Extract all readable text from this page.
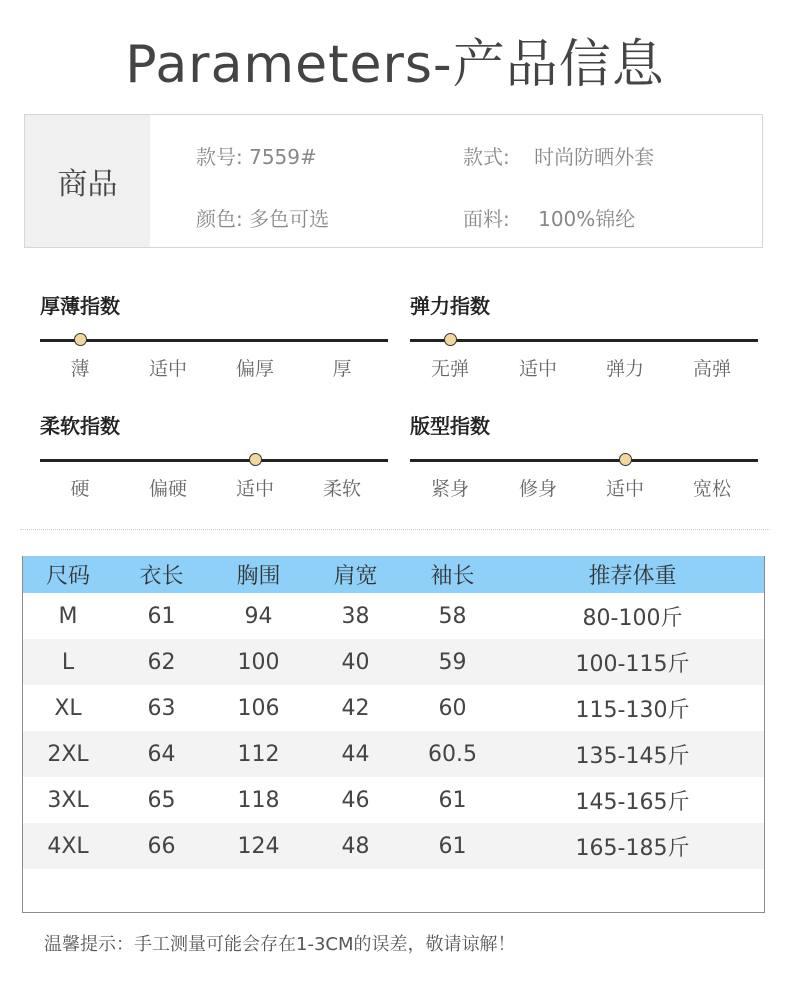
Parameters-产品信息
商品
款号: 7559#	款式: 时尚防晒外套
颜色: 多色可选	面料: 100%锦纶
厚薄指数
薄	适中	偏厚	厚
弹力指数
无弹	适中	弹力	高弹
柔软指数
硬	偏硬	适中	柔软
版型指数
紧身	修身	适中	宽松
尺码	衣长	胸围	肩宽	袖长	推荐体重
M	61	94	38	58	80-100斤
L	62	100	40	59	100-115斤
XL	63	106	42	60	115-130斤
2XL	64	112	44	60.5	135-145斤
3XL	65	118	46	61	145-165斤
4XL	66	124	48	61	165-185斤
温馨提示：手工测量可能会存在1-3CM的误差，敬请谅解！
